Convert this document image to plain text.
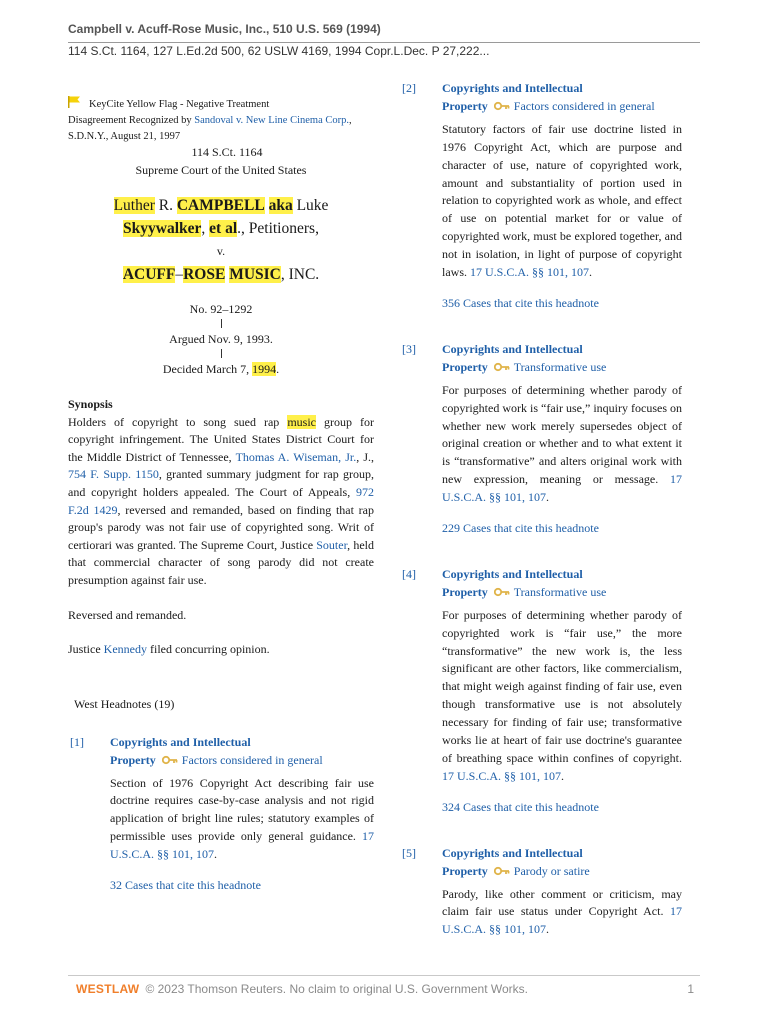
Campbell v. Acuff-Rose Music, Inc., 510 U.S. 569 (1994)
114 S.Ct. 1164, 127 L.Ed.2d 500, 62 USLW 4169, 1994 Copr.L.Dec. P 27,222...
KeyCite Yellow Flag - Negative Treatment
Disagreement Recognized by Sandoval v. New Line Cinema Corp., S.D.N.Y., August 21, 1997
114 S.Ct. 1164
Supreme Court of the United States
Luther R. CAMPBELL aka Luke
Skyywalker, et al., Petitioners,
v.
ACUFF–ROSE MUSIC, INC.
No. 92–1292
Argued Nov. 9, 1993.
Decided March 7, 1994.
Synopsis
Holders of copyright to song sued rap music group for copyright infringement. The United States District Court for the Middle District of Tennessee, Thomas A. Wiseman, Jr., J., 754 F. Supp. 1150, granted summary judgment for rap group, and copyright holders appealed. The Court of Appeals, 972 F.2d 1429, reversed and remanded, based on finding that rap group's parody was not fair use of copyrighted song. Writ of certiorari was granted. The Supreme Court, Justice Souter, held that commercial character of song parody did not create presumption against fair use.
Reversed and remanded.
Justice Kennedy filed concurring opinion.
West Headnotes (19)
[1] Copyrights and Intellectual
Property Factors considered in general
Section of 1976 Copyright Act describing fair use doctrine requires case-by-case analysis and not rigid application of bright line rules; statutory examples of permissible uses provide only general guidance. 17 U.S.C.A. §§ 101, 107.
32 Cases that cite this headnote
[2] Copyrights and Intellectual
Property Factors considered in general
Statutory factors of fair use doctrine listed in 1976 Copyright Act, which are purpose and character of use, nature of copyrighted work, amount and substantiality of portion used in relation to copyrighted work as whole, and effect of use on potential market for or value of copyrighted work, must be explored together, and not in isolation, in light of purpose of copyright laws. 17 U.S.C.A. §§ 101, 107.
356 Cases that cite this headnote
[3] Copyrights and Intellectual
Property Transformative use
For purposes of determining whether parody of copyrighted work is “fair use,” inquiry focuses on whether new work merely supersedes object of original creation or whether and to what extent it is “transformative” and alters original work with new expression, meaning or message. 17 U.S.C.A. §§ 101, 107.
229 Cases that cite this headnote
[4] Copyrights and Intellectual
Property Transformative use
For purposes of determining whether parody of copyrighted work is “fair use,” the more “transformative” the new work is, the less significant are other factors, like commercialism, that might weigh against finding of fair use, even though transformative use is not absolutely necessary for finding of fair use; transformative works lie at heart of fair use doctrine's guarantee of breathing space within confines of copyright. 17 U.S.C.A. §§ 101, 107.
324 Cases that cite this headnote
[5] Copyrights and Intellectual
Property Parody or satire
Parody, like other comment or criticism, may claim fair use status under Copyright Act. 17 U.S.C.A. §§ 101, 107.
WESTLAW © 2023 Thomson Reuters. No claim to original U.S. Government Works.	1
